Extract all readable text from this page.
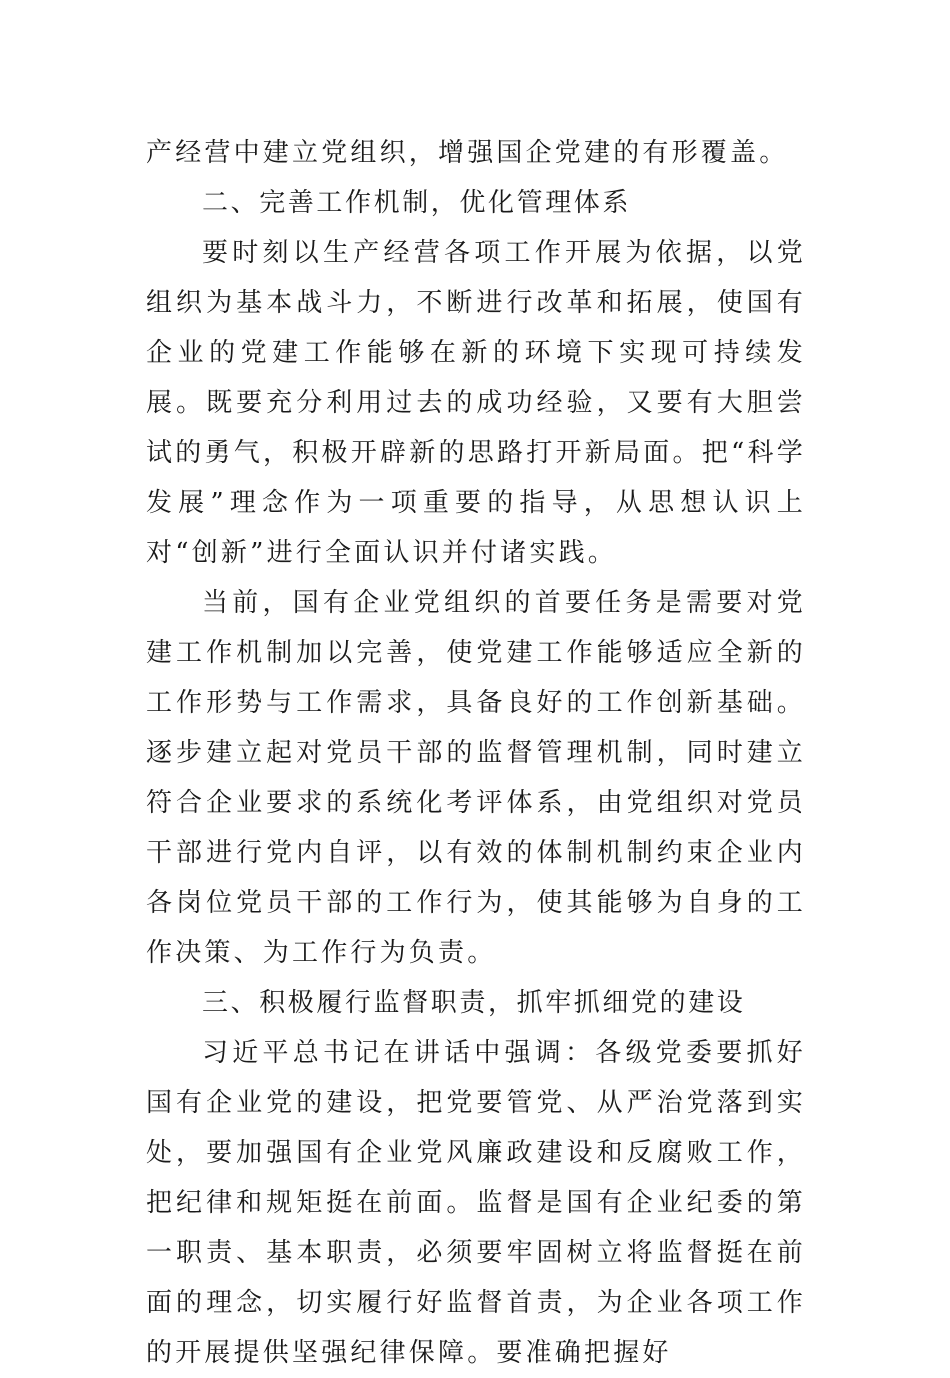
产经营中建立党组织，增强国企党建的有形覆盖。

二、完善工作机制，优化管理体系

要时刻以生产经营各项工作开展为依据，以党组织为基本战斗力，不断进行改革和拓展，使国有企业的党建工作能够在新的环境下实现可持续发展。既要充分利用过去的成功经验，又要有大胆尝试的勇气，积极开辟新的思路打开新局面。把“科学发展”理念作为一项重要的指导，从思想认识上对“创新”进行全面认识并付诸实践。

当前，国有企业党组织的首要任务是需要对党建工作机制加以完善，使党建工作能够适应全新的工作形势与工作需求，具备良好的工作创新基础。逐步建立起对党员干部的监督管理机制，同时建立符合企业要求的系统化考评体系，由党组织对党员干部进行党内自评，以有效的体制机制约束企业内各岗位党员干部的工作行为，使其能够为自身的工作决策、为工作行为负责。

三、积极履行监督职责，抓牢抓细党的建设

习近平总书记在讲话中强调：各级党委要抓好国有企业党的建设，把党要管党、从严治党落到实处，要加强国有企业党风廉政建设和反腐败工作，把纪律和规矩挺在前面。监督是国有企业纪委的第一职责、基本职责，必须要牢固树立将监督挺在前面的理念，切实履行好监督首责，为企业各项工作的开展提供坚强纪律保障。要准确把握好
